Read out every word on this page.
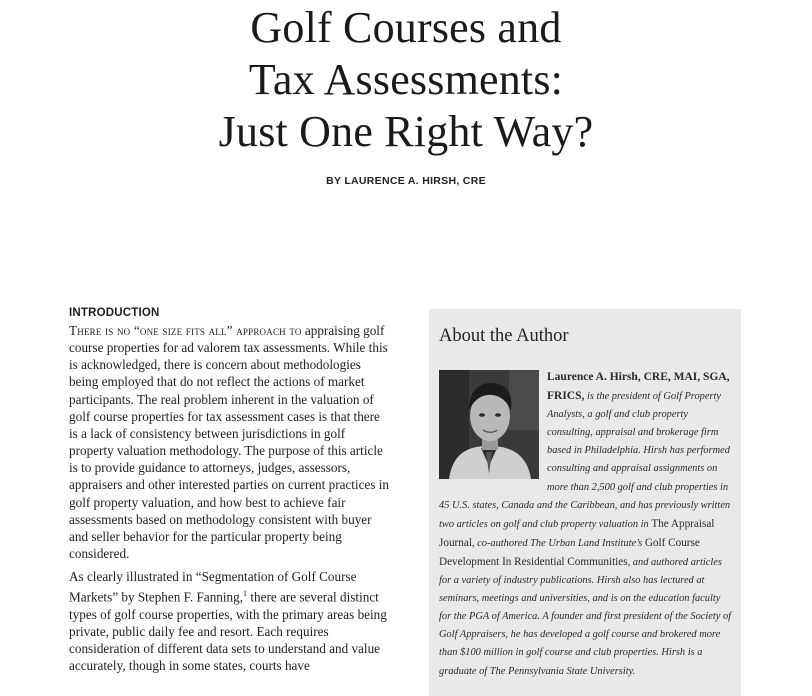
Golf Courses and
Tax Assessments:
Just One Right Way?
BY LAURENCE A. HIRSH, CRE
INTRODUCTION

There is no “one size fits all” approach to appraising golf course properties for ad valorem tax assessments. While this is acknowledged, there is concern about methodologies being employed that do not reflect the actions of market participants. The real problem inherent in the valuation of golf course properties for tax assessment cases is that there is a lack of consistency between jurisdictions in golf property valuation methodology. The purpose of this article is to provide guidance to attorneys, judges, assessors, appraisers and other interested parties on current practices in golf property valuation, and how best to achieve fair assessments based on methodology consistent with buyer and seller behavior for the particular property being considered.

As clearly illustrated in “Segmentation of Golf Course Markets” by Stephen F. Fanning,$^1$ there are several distinct types of golf course properties, with the primary areas being private, public daily fee and resort. Each requires consideration of different data sets to understand and value accurately, though in some states, courts have

About the Author
Laurence A. Hirsh, CRE, MAI, SGA, FRICS, is the president of Golf Property Analysts, a golf and club property consulting, appraisal and brokerage firm based in Philadelphia. Hirsh has performed consulting and appraisal assignments on more than 2,500 golf and club properties in 45 U.S. states, Canada and the Caribbean, and has previously written two articles on golf and club property valuation in The Appraisal Journal, co-authored The Urban Land Institute’s Golf Course Development In Residential Communities, and authored articles for a variety of industry publications. Hirsh also has lectured at seminars, meetings and universities, and is on the education faculty for the PGA of America. A founder and first president of the Society of Golf Appraisers, he has developed a golf course and brokered more than $100 million in golf course and club properties. Hirsh is a graduate of The Pennsylvania State University.
